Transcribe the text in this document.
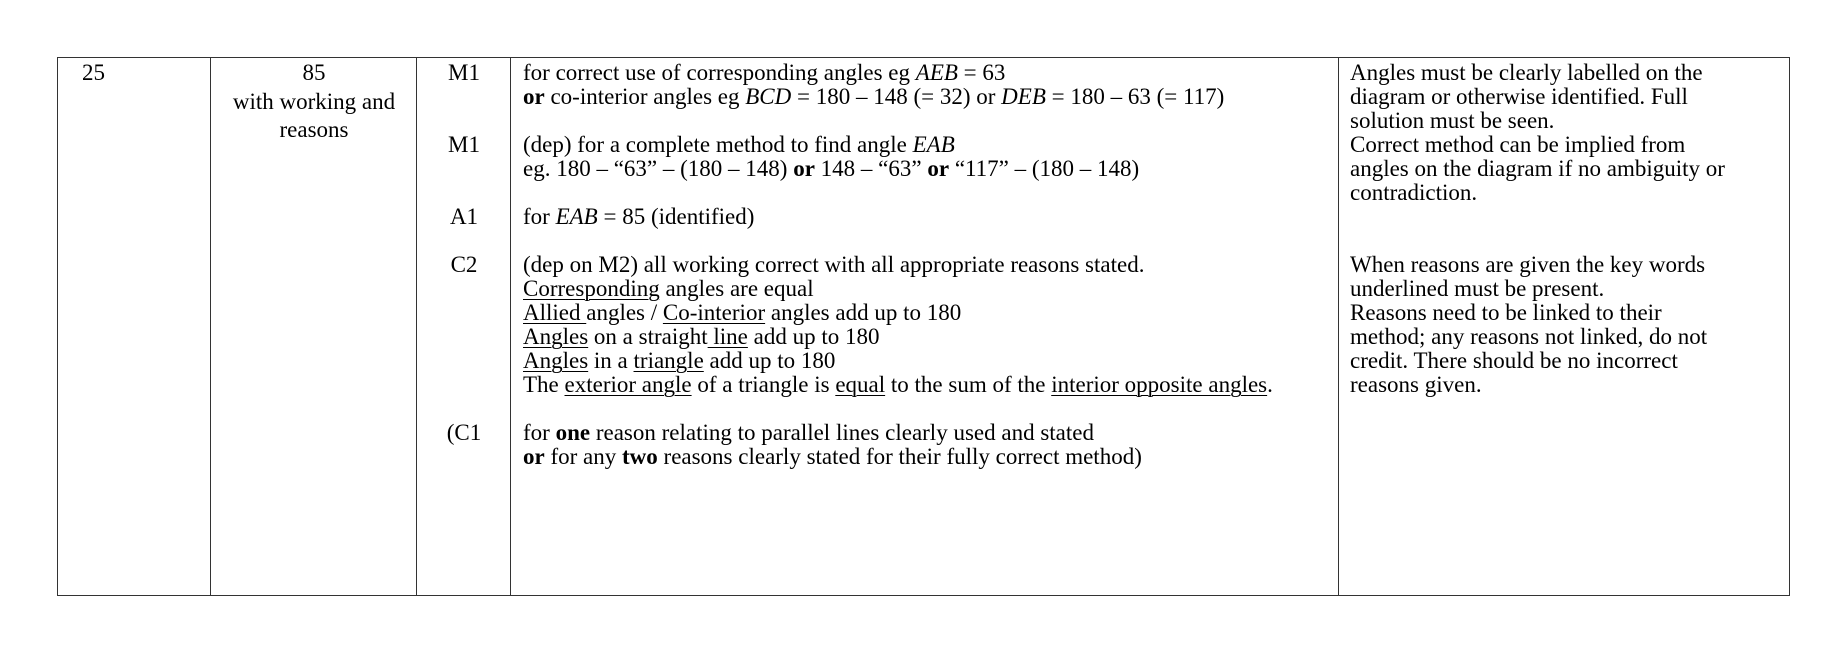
25	85
with working and
reasons
M1
M1
A1
C2
(C1
for correct use of corresponding angles eg AEB = 63
or co-interior angles eg BCD = 180 – 148 (= 32) or DEB = 180 – 63 (= 117)
(dep) for a complete method to find angle EAB
eg. 180 – “63” – (180 – 148) or 148 – “63” or “117” – (180 – 148)
for EAB = 85 (identified)
(dep on M2) all working correct with all appropriate reasons stated.
Corresponding angles are equal
Allied angles / Co-interior angles add up to 180
Angles on a straight line add up to 180
Angles in a triangle add up to 180
The exterior angle of a triangle is equal to the sum of the interior opposite angles.
for one reason relating to parallel lines clearly used and stated
or for any two reasons clearly stated for their fully correct method)
Angles must be clearly labelled on the
diagram or otherwise identified. Full
solution must be seen.
Correct method can be implied from
angles on the diagram if no ambiguity or
contradiction.
When reasons are given the key words
underlined must be present.
Reasons need to be linked to their
method; any reasons not linked, do not
credit. There should be no incorrect
reasons given.
